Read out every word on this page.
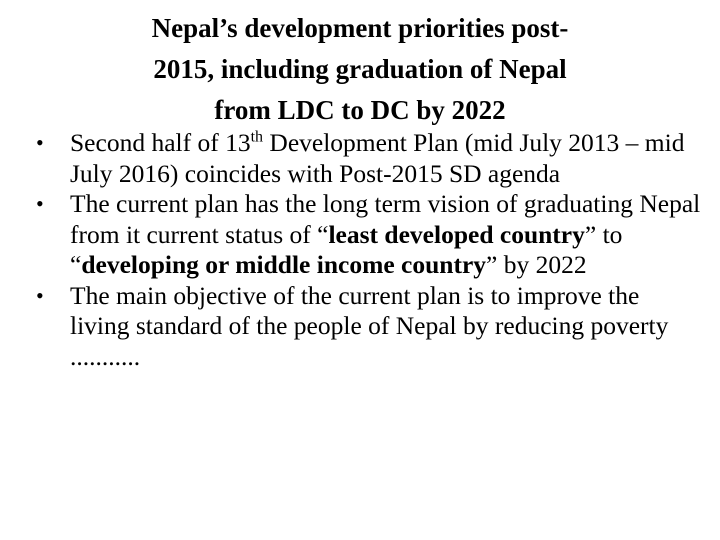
Nepal’s development priorities post-
2015, including graduation of Nepal
from LDC to DC by 2022
• Second half of 13th Development Plan (mid July 2013 – mid July 2016) coincides with Post-2015 SD agenda
• The current plan has the long term vision of graduating Nepal from it current status of “least developed country” to “developing or middle income country” by 2022
• The main objective of the current plan is to improve the living standard of the people of Nepal by reducing poverty ...........
